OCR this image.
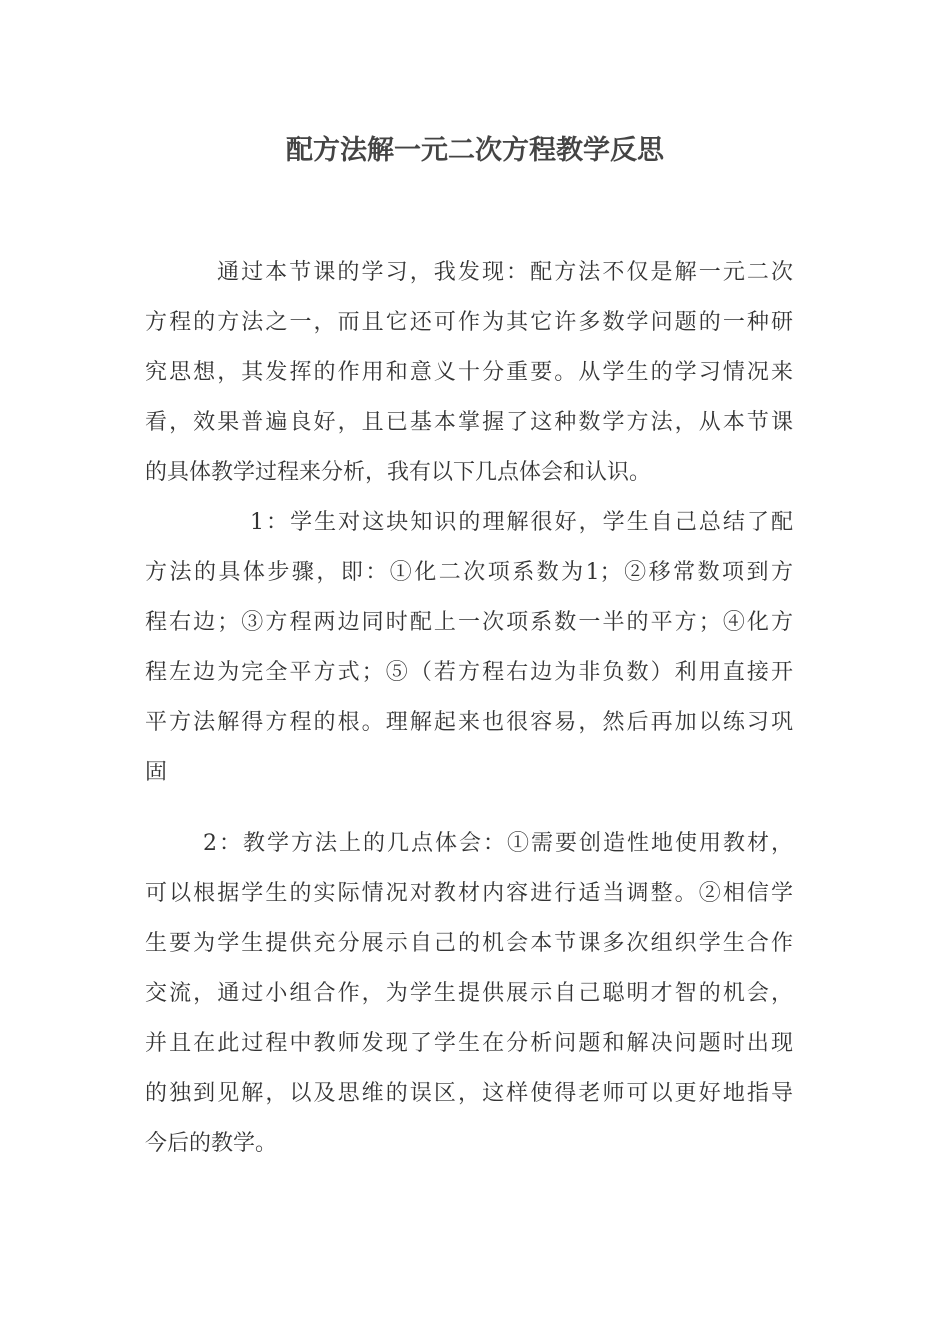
配方法解一元二次方程教学反思
通过本节课的学习，我发现：配方法不仅是解一元二次
方程的方法之一，而且它还可作为其它许多数学问题的一种研
究思想，其发挥的作用和意义十分重要。从学生的学习情况来
看，效果普遍良好，且已基本掌握了这种数学方法，从本节课
的具体教学过程来分析，我有以下几点体会和认识。
1：学生对这块知识的理解很好，学生自己总结了配
方法的具体步骤，即：①化二次项系数为1；②移常数项到方
程右边；③方程两边同时配上一次项系数一半的平方；④化方
程左边为完全平方式；⑤（若方程右边为非负数）利用直接开
平方法解得方程的根。理解起来也很容易，然后再加以练习巩
固
2：教学方法上的几点体会：①需要创造性地使用教材，
可以根据学生的实际情况对教材内容进行适当调整。②相信学
生要为学生提供充分展示自己的机会本节课多次组织学生合作
交流，通过小组合作，为学生提供展示自己聪明才智的机会，
并且在此过程中教师发现了学生在分析问题和解决问题时出现
的独到见解，以及思维的误区，这样使得老师可以更好地指导
今后的教学。
